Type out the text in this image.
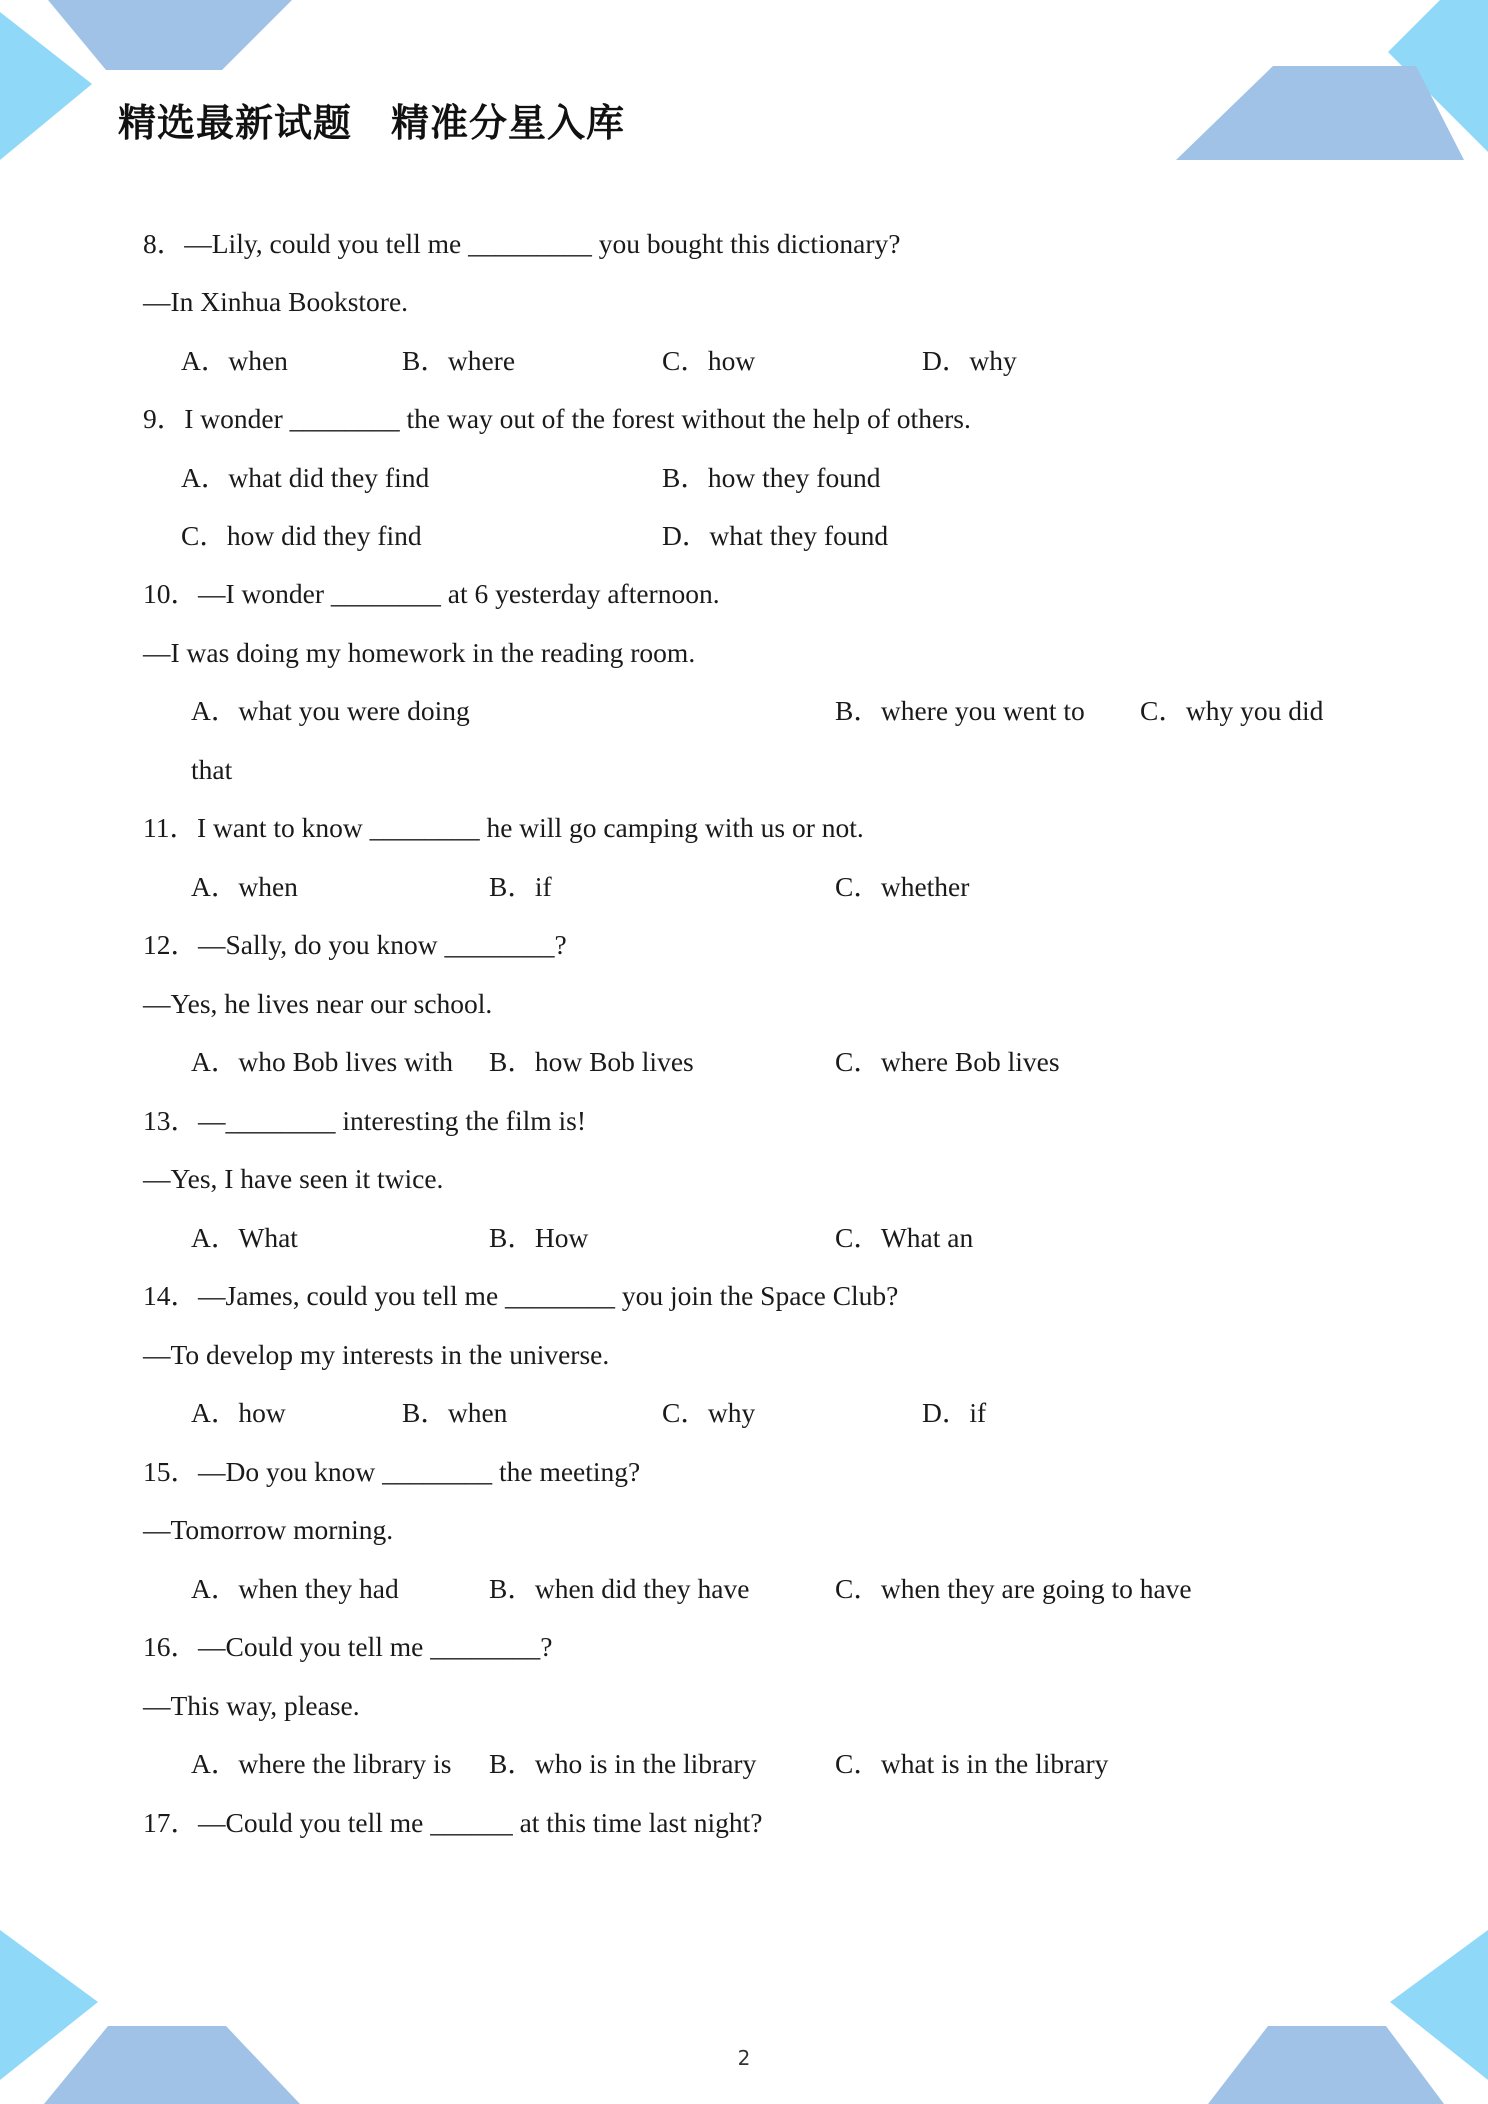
精选最新试题　精准分星入库
8．—Lily, could you tell me _________ you bought this dictionary?
—In Xinhua Bookstore.
A．when	B．where	C．how	D．why
9．I wonder ________ the way out of the forest without the help of others.
A．what did they find	B．how they found
C．how did they find	D．what they found
10．—I wonder ________ at 6 yesterday afternoon.
—I was doing my homework in the reading room.
A．what you were doing	B．where you went to C．why you did
that
11．I want to know ________ he will go camping with us or not.
A．when	B．if	C．whether
12．—Sally, do you know ________?
—Yes, he lives near our school.
A．who Bob lives with B．how Bob lives	C．where Bob lives
13．—________ interesting the film is!
—Yes, I have seen it twice.
A．What	B．How	C．What an
14．—James, could you tell me ________ you join the Space Club?
—To develop my interests in the universe.
A．how	B．when	C．why	D．if
15．—Do you know ________ the meeting?
—Tomorrow morning.
A．when they had	B．when did they have	C．when they are going to have
16．—Could you tell me ________?
—This way, please.
A．where the library is B．who is in the library	C．what is in the library
17．—Could you tell me ______ at this time last night?
2
